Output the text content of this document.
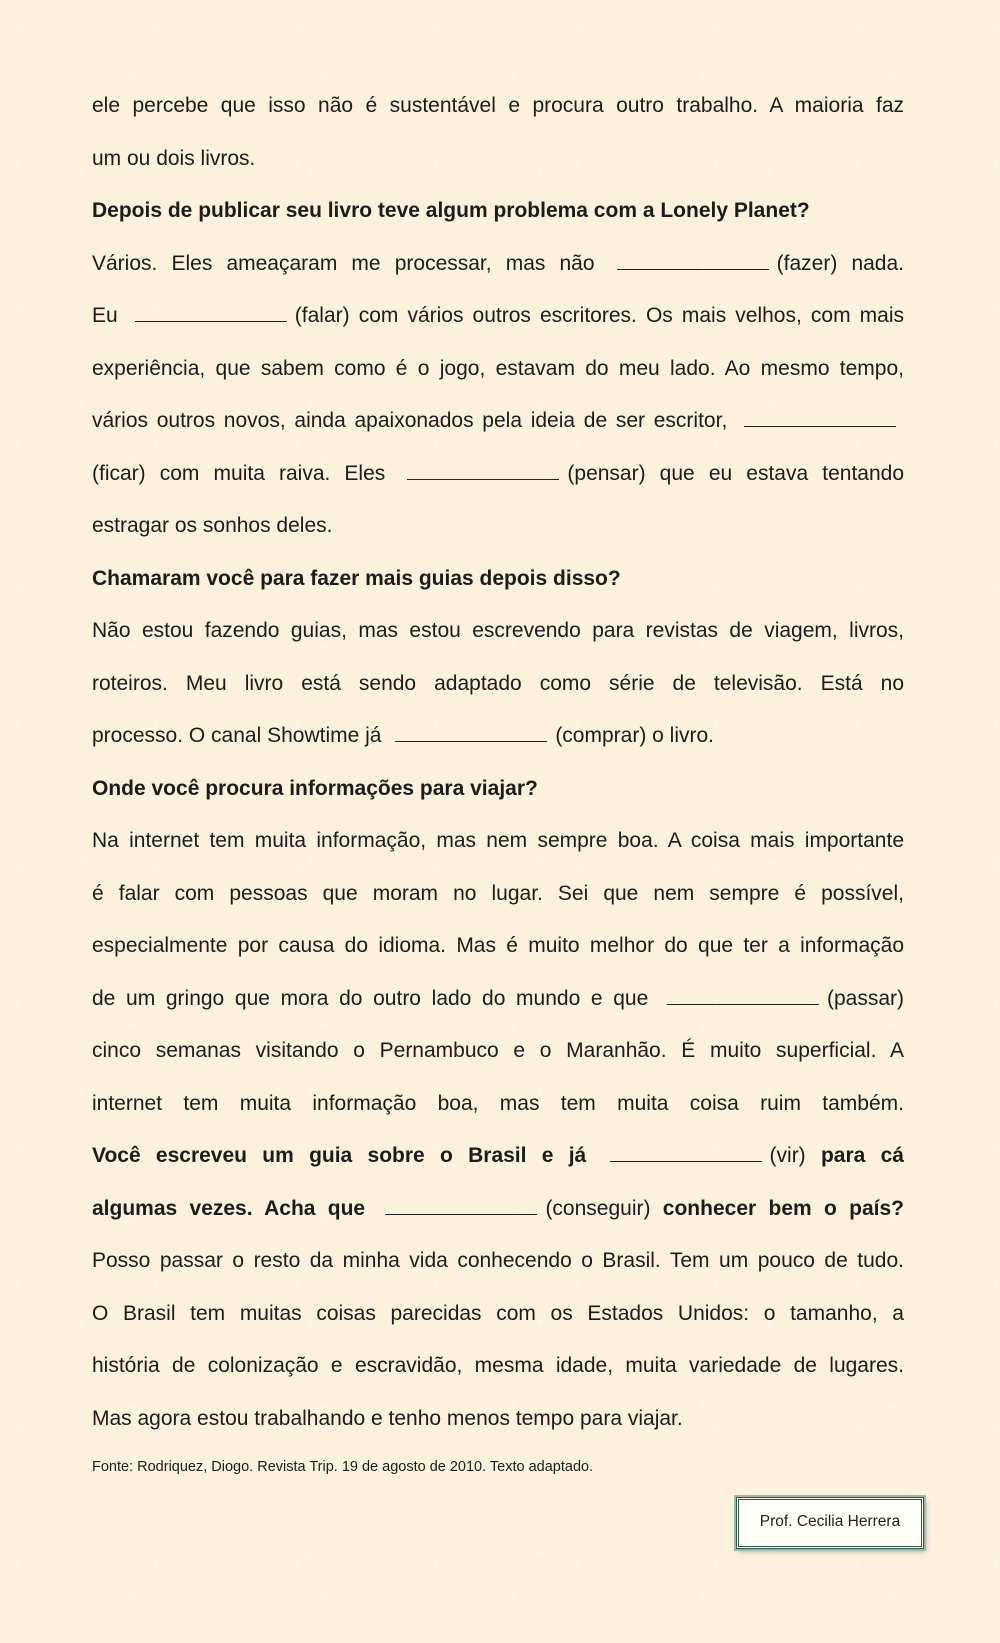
ele percebe que isso não é sustentável e procura outro trabalho. A maioria faz
um ou dois livros.
Depois de publicar seu livro teve algum problema com a Lonely Planet?
Vários. Eles ameaçaram me processar, mas não	(fazer) nada.
Eu	(falar) com vários outros escritores. Os mais velhos, com mais
experiência, que sabem como é o jogo, estavam do meu lado. Ao mesmo tempo,
vários outros novos, ainda apaixonados pela ideia de ser escritor,
(ficar) com muita raiva. Eles	(pensar) que eu estava tentando
estragar os sonhos deles.
Chamaram você para fazer mais guias depois disso?
Não estou fazendo guias, mas estou escrevendo para revistas de viagem, livros,
roteiros. Meu livro está sendo adaptado como série de televisão. Está no
processo. O canal Showtime já	(comprar) o livro.
Onde você procura informações para viajar?
Na internet tem muita informação, mas nem sempre boa. A coisa mais importante
é falar com pessoas que moram no lugar. Sei que nem sempre é possível,
especialmente por causa do idioma. Mas é muito melhor do que ter a informação
de um gringo que mora do outro lado do mundo e que	(passar)
cinco semanas visitando o Pernambuco e o Maranhão. É muito superficial. A
internet tem muita informação boa, mas tem muita coisa ruim também.
Você escreveu um guia sobre o Brasil e já	(vir) para cá
algumas vezes. Acha que	(conseguir) conhecer bem o país?
Posso passar o resto da minha vida conhecendo o Brasil. Tem um pouco de tudo.
O Brasil tem muitas coisas parecidas com os Estados Unidos: o tamanho, a
história de colonização e escravidão, mesma idade, muita variedade de lugares.
Mas agora estou trabalhando e tenho menos tempo para viajar.
Fonte: Rodriquez, Diogo. Revista Trip. 19 de agosto de 2010. Texto adaptado.
Prof. Cecilia Herrera
